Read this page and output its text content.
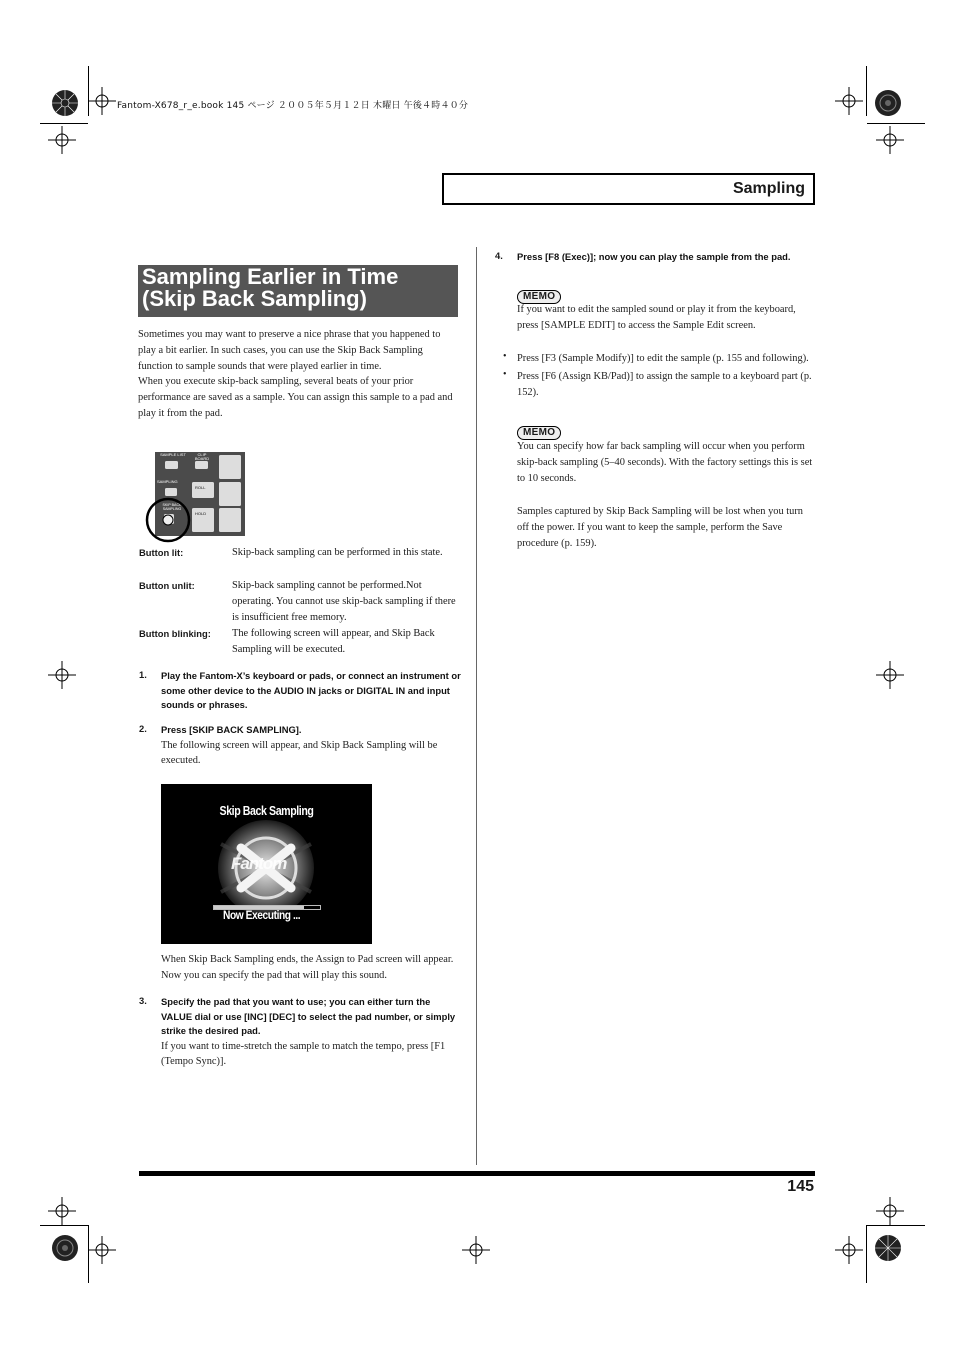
Fantom-X678_r_e.book 145 ページ ２００５年５月１２日 木曜日 午後４時４０分
Sampling
Sampling Earlier in Time
(Skip Back Sampling)

Sometimes you may want to preserve a nice phrase that you happened to play a bit earlier. In such cases, you can use the Skip Back Sampling function to sample sounds that were played earlier in time.

When you execute skip-back sampling, several beats of your prior performance are saved as a sample. You can assign this sample to a pad and play it from the pad.

SAMPLE LIST	CLIP BOARD
SAMPLING
SKIP BACK SAMPLING
ROLL
HOLD
Button lit:	Skip-back sampling can be performed in this state.
Button unlit:	Skip-back sampling cannot be performed.Not operating. You cannot use skip-back sampling if there is insufficient free memory.
Button blinking: The following screen will appear, and Skip Back Sampling will be executed.
1. Play the Fantom-X’s keyboard or pads, or connect an instrument or some other device to the AUDIO IN jacks or DIGITAL IN and input sounds or phrases.
2. Press [SKIP BACK SAMPLING].
The following screen will appear, and Skip Back Sampling will be executed.
Skip Back Sampling
Fantom
Now Executing ...
When Skip Back Sampling ends, the Assign to Pad screen will appear. Now you can specify the pad that will play this sound.
3. Specify the pad that you want to use; you can either turn the VALUE dial or use [INC] [DEC] to select the pad number, or simply strike the desired pad.
If you want to time-stretch the sample to match the tempo, press [F1 (Tempo Sync)].
4. Press [F8 (Exec)]; now you can play the sample from the pad.
MEMO
If you want to edit the sampled sound or play it from the keyboard, press [SAMPLE EDIT] to access the Sample Edit screen.
• Press [F3 (Sample Modify)] to edit the sample (p. 155 and following).
• Press [F6 (Assign KB/Pad)] to assign the sample to a keyboard part (p. 152).
MEMO
You can specify how far back sampling will occur when you perform skip-back sampling (5–40 seconds). With the factory settings this is set to 10 seconds.
Samples captured by Skip Back Sampling will be lost when you turn off the power. If you want to keep the sample, perform the Save procedure (p. 159).
145
